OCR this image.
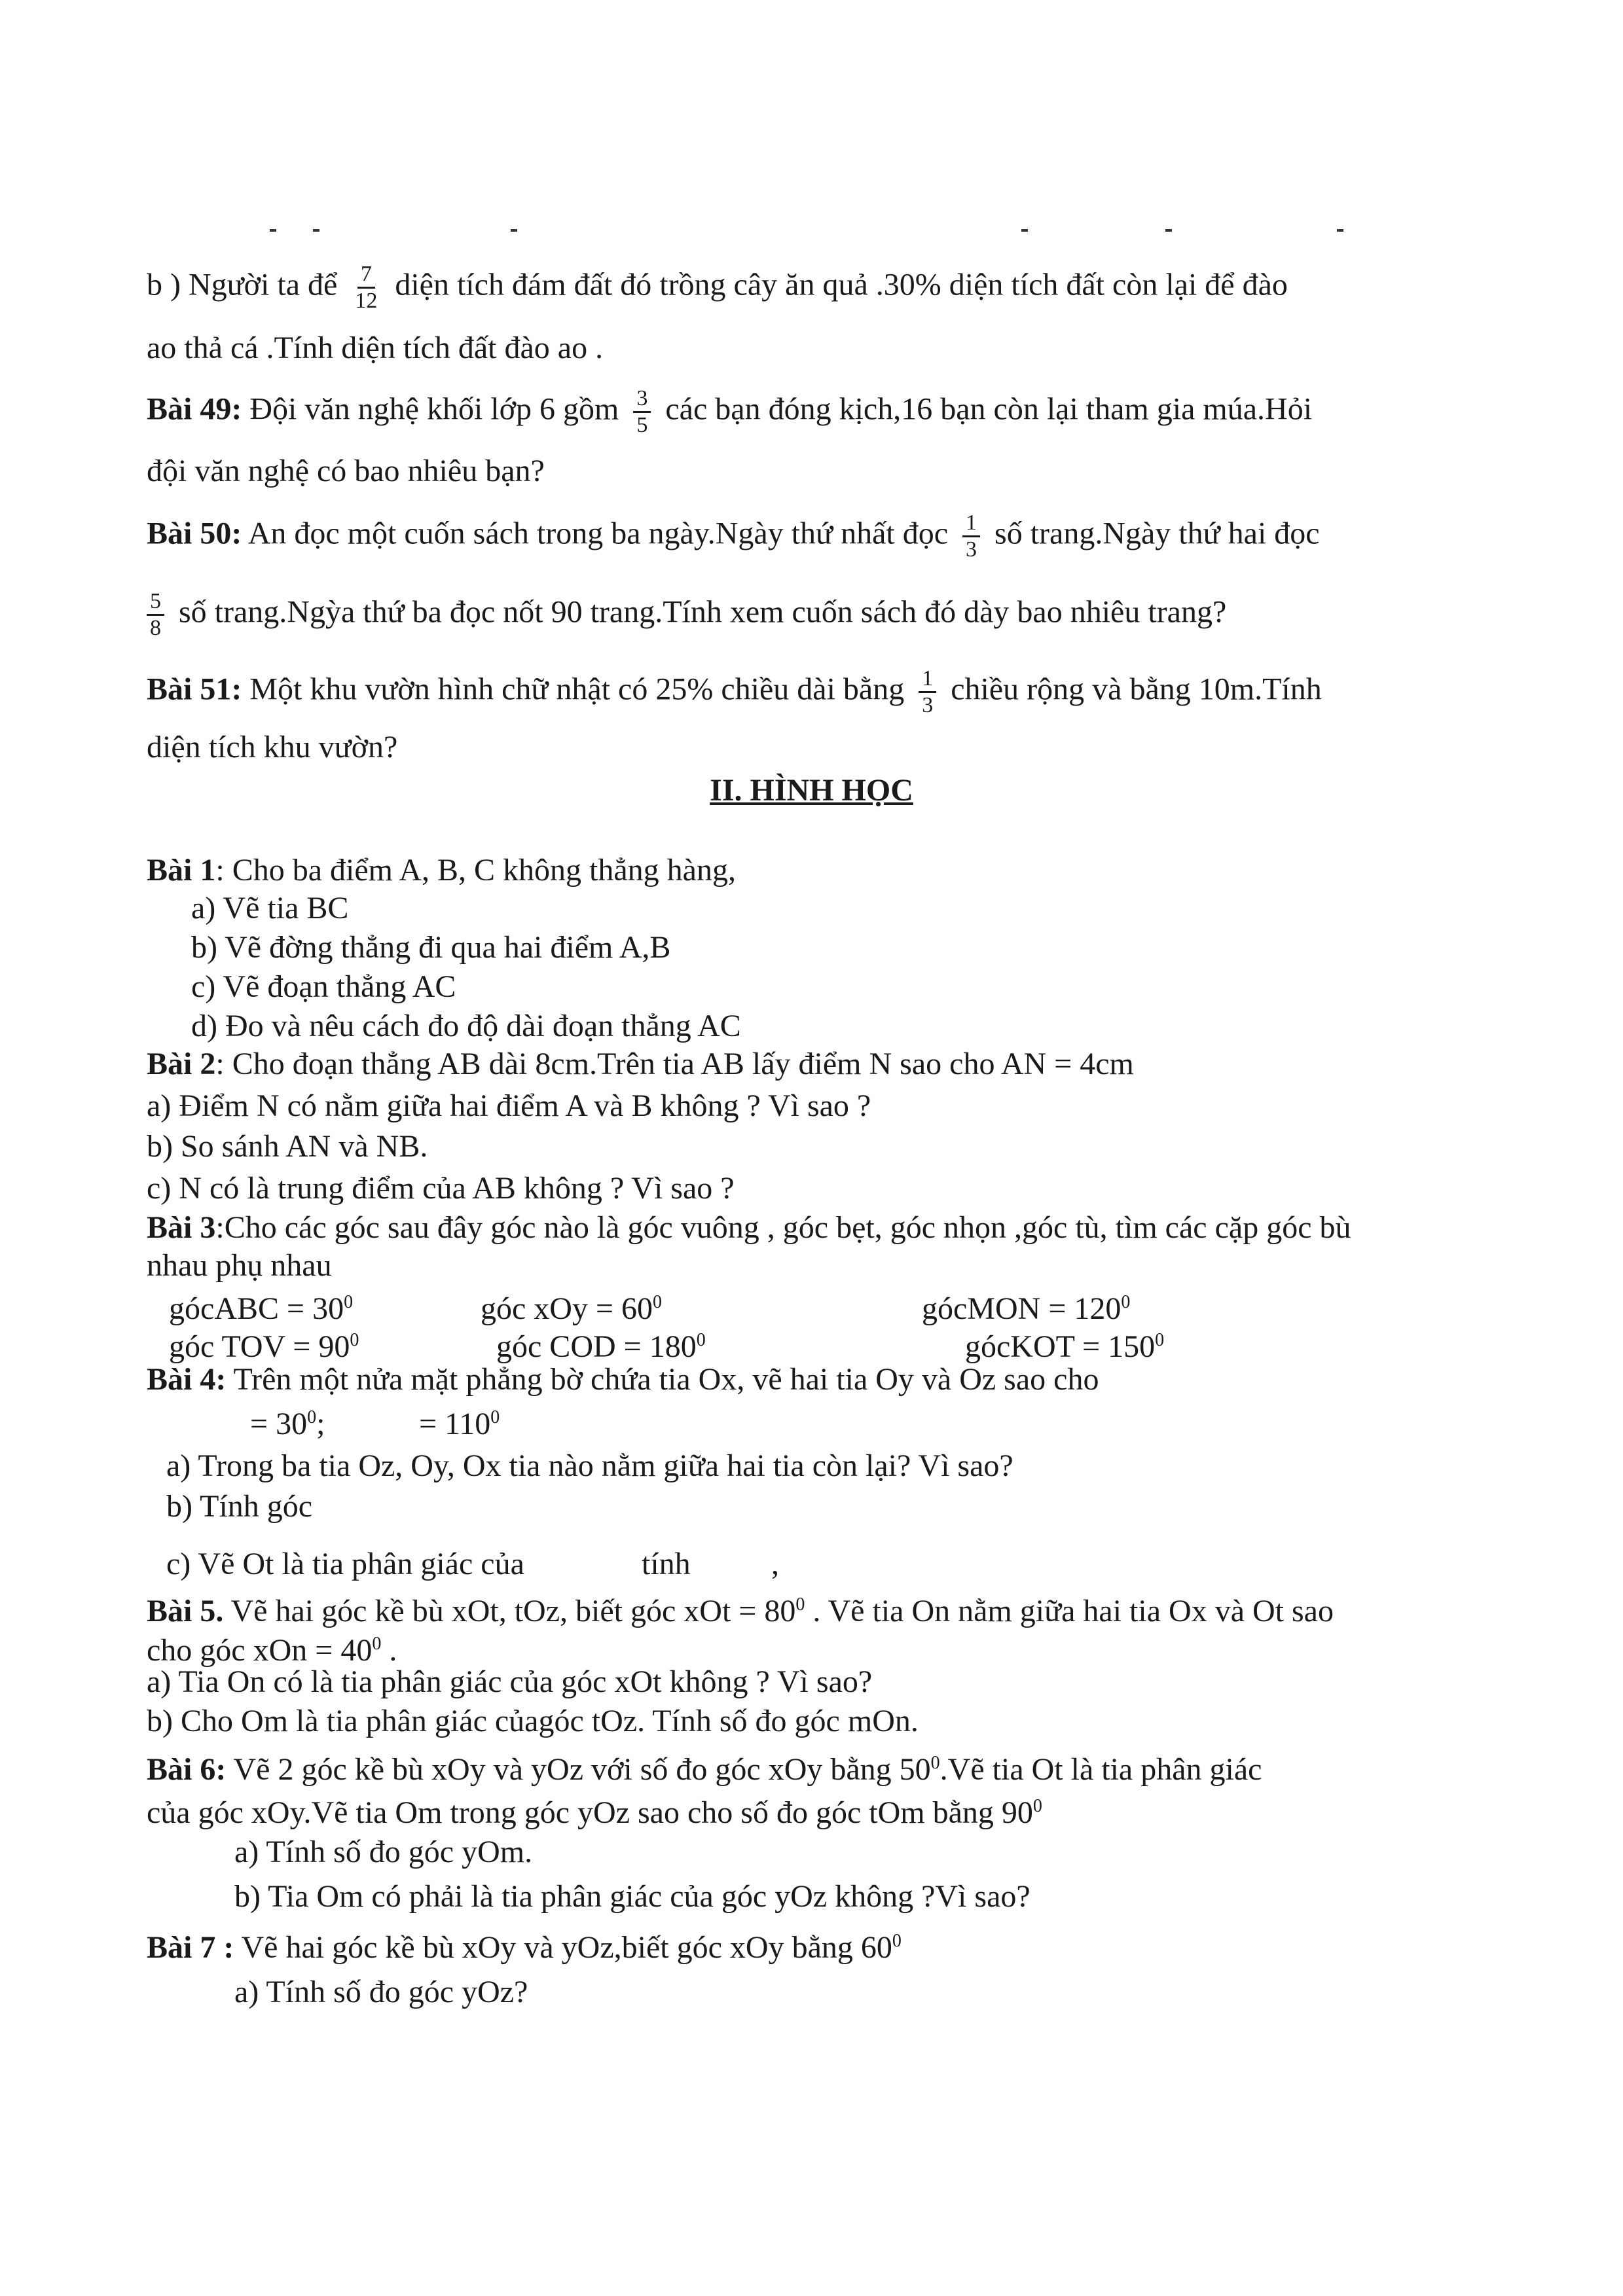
b ) Người ta để $\frac{7}{12}$ diện tích đám đất đó trồng cây ăn quả .30% diện tích đất còn lại để đào
ao thả cá .Tính diện tích đất đào ao .
Bài 49: Đội văn nghệ khối lớp 6 gồm $\frac{3}{5}$ các bạn đóng kịch,16 bạn còn lại tham gia múa.Hỏi
đội văn nghệ có bao nhiêu bạn?
Bài 50: An đọc một cuốn sách trong ba ngày.Ngày thứ nhất đọc $\frac{1}{3}$ số trang.Ngày thứ hai đọc
$\frac{5}{8}$ số trang.Ngỳa thứ ba đọc nốt 90 trang.Tính xem cuốn sách đó dày bao nhiêu trang?
Bài 51: Một khu vườn hình chữ nhật có 25% chiều dài bằng $\frac{1}{3}$ chiều rộng và bằng 10m.Tính
diện tích khu vườn?
II. HÌNH HỌC
Bài 1: Cho ba điểm A, B, C không thẳng hàng,
a) Vẽ tia BC
b) Vẽ đờng thẳng đi qua hai điểm A,B
c) Vẽ đoạn thẳng AC
d) Đo và nêu cách đo độ dài đoạn thẳng AC
Bài 2: Cho đoạn thẳng AB dài 8cm.Trên tia AB lấy điểm N sao cho AN = 4cm
a) Điểm N có nằm giữa hai điểm A và B không ? Vì sao ?
b) So sánh AN và NB.
c) N có là trung điểm của AB không ? Vì sao ?
Bài 3:Cho các góc sau đây góc nào là góc vuông , góc bẹt, góc nhọn ,góc tù, tìm các cặp góc bù
nhau phụ nhau
gócABC = $30^0$	góc xOy = $60^0$	gócMON = $120^0$
góc TOV = $90^0$	góc COD = $180^0$	gócKOT = $150^0$
Bài 4: Trên một nửa mặt phẳng bờ chứa tia Ox, vẽ hai tia Oy và Oz sao cho
= $30^0$;	= $110^0$
a) Trong ba tia Oz, Oy, Ox tia nào nằm giữa hai tia còn lại? Vì sao?
b) Tính góc
c) Vẽ Ot là tia phân giác của	tính	,
Bài 5. Vẽ hai góc kề bù xOt, tOz, biết góc xOt = $80^0$ . Vẽ tia On nằm giữa hai tia Ox và Ot sao
cho góc xOn = $40^0$ .
a) Tia On có là tia phân giác của góc xOt không ? Vì sao?
b) Cho Om là tia phân giác củagóc tOz. Tính số đo góc mOn.
Bài 6: Vẽ 2 góc kề bù xOy và yOz với số đo góc xOy bằng $50^0.Vẽ$ tia Ot là tia phân giác
của góc xOy.Vẽ tia Om trong góc yOz sao cho số đo góc tOm bằng $90^0$
a) Tính số đo góc yOm.
b) Tia Om có phải là tia phân giác của góc yOz không ?Vì sao?
Bài 7 : Vẽ hai góc kề bù xOy và yOz,biết góc xOy bằng $60^0$
a) Tính số đo góc yOz?
